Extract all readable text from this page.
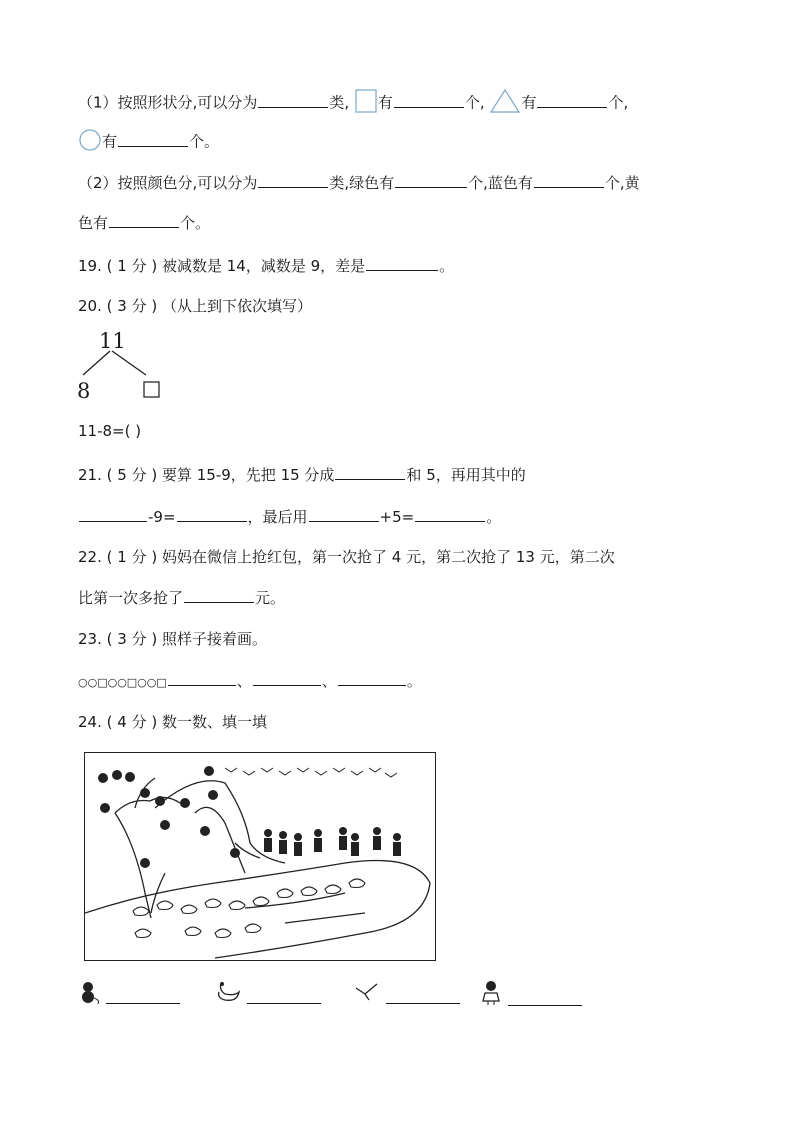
（1）按照形状分,可以分为	类, 有	个, 有	个,
有	个。
（2）按照颜色分,可以分为	类,绿色有	个,蓝色有	个,黄
色有	个。
19. ( 1 分 ) 被减数是 14，减数是 9，差是	。
20. ( 3 分 ) （从上到下依次填写）
11
8
11-8=( )
21. ( 5 分 ) 要算 15-9，先把 15 分成	和 5，再用其中的
-9=	，最后用	+5=	。
22. ( 1 分 ) 妈妈在微信上抢红包，第一次抢了 4 元，第二次抢了 13 元，第二次
比第一次多抢了	元。
23. ( 3 分 ) 照样子接着画。
○○□○○□○○□	、	、	。
24. ( 4 分 ) 数一数、填一填
